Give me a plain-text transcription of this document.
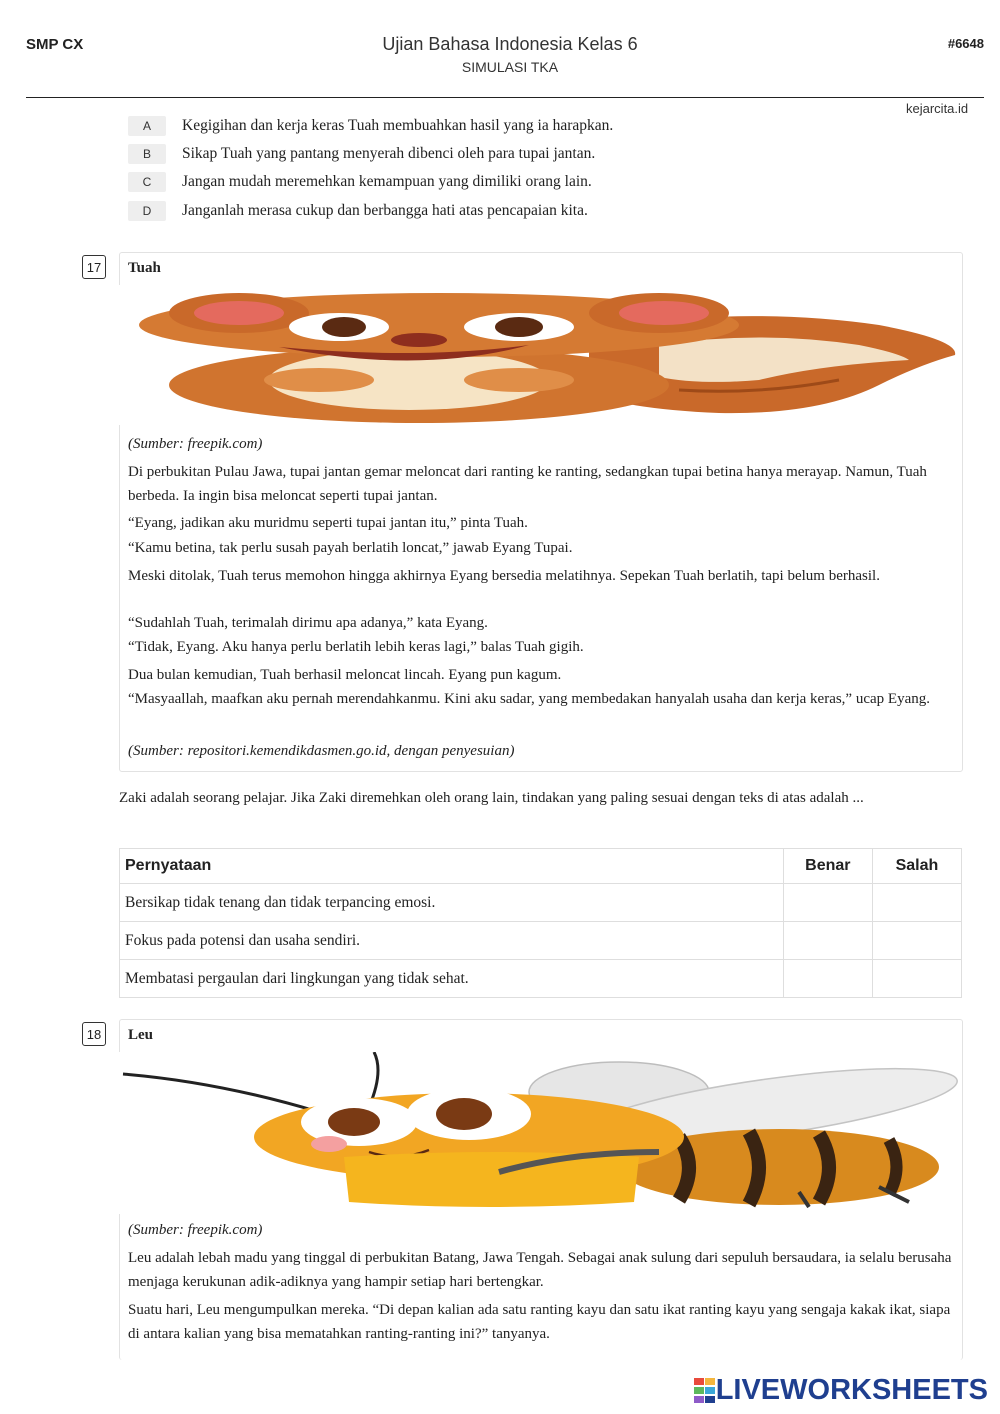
SMP CX	Ujian Bahasa Indonesia Kelas 6
SIMULASI TKA
#6648
kejarcita.id
A	Kegigihan dan kerja keras Tuah membuahkan hasil yang ia harapkan.
B	Sikap Tuah yang pantang menyerah dibenci oleh para tupai jantan.
C	Jangan mudah meremehkan kemampuan yang dimiliki orang lain.
D	Janganlah merasa cukup dan berbangga hati atas pencapaian kita.
17	Tuah
(Sumber: freepik.com)
Di perbukitan Pulau Jawa, tupai jantan gemar meloncat dari ranting ke ranting, sedangkan tupai betina hanya merayap. Namun, Tuah berbeda. Ia ingin bisa meloncat seperti tupai jantan.
“Eyang, jadikan aku muridmu seperti tupai jantan itu,” pinta Tuah.
“Kamu betina, tak perlu susah payah berlatih loncat,” jawab Eyang Tupai.
Meski ditolak, Tuah terus memohon hingga akhirnya Eyang bersedia melatihnya. Sepekan Tuah berlatih, tapi belum berhasil.
“Sudahlah Tuah, terimalah dirimu apa adanya,” kata Eyang.
“Tidak, Eyang. Aku hanya perlu berlatih lebih keras lagi,” balas Tuah gigih.
Dua bulan kemudian, Tuah berhasil meloncat lincah. Eyang pun kagum.
“Masyaallah, maafkan aku pernah merendahkanmu. Kini aku sadar, yang membedakan hanyalah usaha dan kerja keras,” ucap Eyang.
(Sumber: repositori.kemendikdasmen.go.id, dengan penyesuian)
Zaki adalah seorang pelajar. Jika Zaki diremehkan oleh orang lain, tindakan yang paling sesuai dengan teks di atas adalah ...
Pernyataan	Benar	Salah
Bersikap tidak tenang dan tidak terpancing emosi.		
Fokus pada potensi dan usaha sendiri.		
Membatasi pergaulan dari lingkungan yang tidak sehat.		
18	Leu
(Sumber: freepik.com)
Leu adalah lebah madu yang tinggal di perbukitan Batang, Jawa Tengah. Sebagai anak sulung dari sepuluh bersaudara, ia selalu berusaha menjaga kerukunan adik-adiknya yang hampir setiap hari bertengkar.
Suatu hari, Leu mengumpulkan mereka. “Di depan kalian ada satu ranting kayu dan satu ikat ranting kayu yang sengaja kakak ikat, siapa di antara kalian yang bisa mematahkan ranting-ranting ini?” tanyanya.
LIVEWORKSHEETS
